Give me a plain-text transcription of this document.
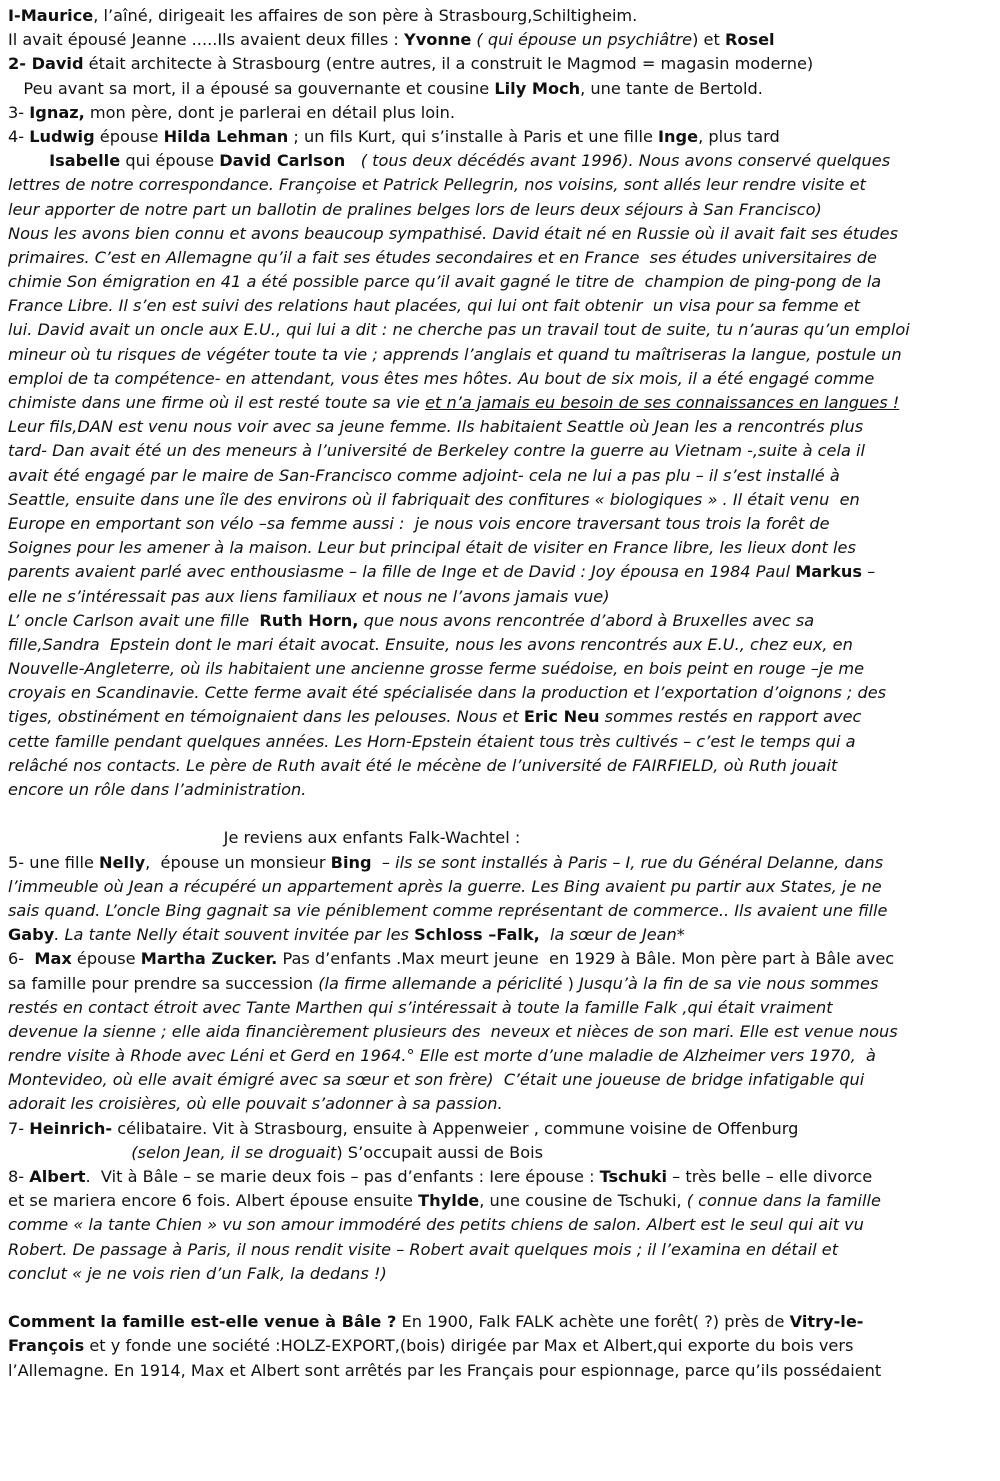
I-Maurice, l’aîné, dirigeait les affaires de son père à Strasbourg,Schiltigheim.
Il avait épousé Jeanne .....Ils avaient deux filles : Yvonne ( qui épouse un psychiâtre) et Rosel
2- David était architecte à Strasbourg (entre autres, il a construit le Magmod = magasin moderne)
Peu avant sa mort, il a épousé sa gouvernante et cousine Lily Moch, une tante de Bertold.
3- Ignaz, mon père, dont je parlerai en détail plus loin.
4- Ludwig épouse Hilda Lehman ; un fils Kurt, qui s’installe à Paris et une fille Inge, plus tard
Isabelle qui épouse David Carlson ( tous deux décédés avant 1996). Nous avons conservé quelques
lettres de notre correspondance. Françoise et Patrick Pellegrin, nos voisins, sont allés leur rendre visite et
leur apporter de notre part un ballotin de pralines belges lors de leurs deux séjours à San Francisco)
Nous les avons bien connu et avons beaucoup sympathisé. David était né en Russie où il avait fait ses études
primaires. C’est en Allemagne qu’il a fait ses études secondaires et en France  ses études universitaires de
chimie Son émigration en 41 a été possible parce qu’il avait gagné le titre de  champion de ping-pong de la
France Libre. Il s’en est suivi des relations haut placées, qui lui ont fait obtenir  un visa pour sa femme et
lui. David avait un oncle aux E.U., qui lui a dit : ne cherche pas un travail tout de suite, tu n’auras qu’un emploi
mineur où tu risques de végéter toute ta vie ; apprends l’anglais et quand tu maîtriseras la langue, postule un
emploi de ta compétence- en attendant, vous êtes mes hôtes. Au bout de six mois, il a été engagé comme
chimiste dans une firme où il est resté toute sa vie et n’a jamais eu besoin de ses connaissances en langues !
Leur fils,DAN est venu nous voir avec sa jeune femme. Ils habitaient Seattle où Jean les a rencontrés plus
tard- Dan avait été un des meneurs à l’université de Berkeley contre la guerre au Vietnam -,suite à cela il
avait été engagé par le maire de San-Francisco comme adjoint- cela ne lui a pas plu – il s’est installé à
Seattle, ensuite dans une île des environs où il fabriquait des confitures « biologiques » . Il était venu  en
Europe en emportant son vélo –sa femme aussi :  je nous vois encore traversant tous trois la forêt de
Soignes pour les amener à la maison. Leur but principal était de visiter en France libre, les lieux dont les
parents avaient parlé avec enthousiasme – la fille de Inge et de David : Joy épousa en 1984 Paul Markus –
elle ne s’intéressait pas aux liens familiaux et nous ne l’avons jamais vue)
L’ oncle Carlson avait une fille  Ruth Horn, que nous avons rencontrée d’abord à Bruxelles avec sa
fille,Sandra  Epstein dont le mari était avocat. Ensuite, nous les avons rencontrés aux E.U., chez eux, en
Nouvelle-Angleterre, où ils habitaient une ancienne grosse ferme suédoise, en bois peint en rouge –je me
croyais en Scandinavie. Cette ferme avait été spécialisée dans la production et l’exportation d’oignons ; des
tiges, obstinément en témoignaient dans les pelouses. Nous et Eric Neu sommes restés en rapport avec
cette famille pendant quelques années. Les Horn-Epstein étaient tous très cultivés – c’est le temps qui a
relâché nos contacts. Le père de Ruth avait été le mécène de l’université de FAIRFIELD, où Ruth jouait
encore un rôle dans l’administration.
Je reviens aux enfants Falk-Wachtel :
5- une fille Nelly,  épouse un monsieur Bing  – ils se sont installés à Paris – I, rue du Général Delanne, dans
l’immeuble où Jean a récupéré un appartement après la guerre. Les Bing avaient pu partir aux States, je ne
sais quand. L’oncle Bing gagnait sa vie péniblement comme représentant de commerce.. Ils avaient une fille
Gaby. La tante Nelly était souvent invitée par les Schloss –Falk,  la sœur de Jean*
6-  Max épouse Martha Zucker. Pas d’enfants .Max meurt jeune  en 1929 à Bâle. Mon père part à Bâle avec
sa famille pour prendre sa succession (la firme allemande a périclité ) Jusqu’à la fin de sa vie nous sommes
restés en contact étroit avec Tante Marthen qui s’intéressait à toute la famille Falk ,qui était vraiment
devenue la sienne ; elle aida financièrement plusieurs des  neveux et nièces de son mari. Elle est venue nous
rendre visite à Rhode avec Léni et Gerd en 1964.° Elle est morte d’une maladie de Alzheimer vers 1970,  à
Montevideo, où elle avait émigré avec sa sœur et son frère)  C’était une joueuse de bridge infatigable qui
adorait les croisières, où elle pouvait s’adonner à sa passion.
7- Heinrich- célibataire. Vit à Strasbourg, ensuite à Appenweier , commune voisine de Offenburg
(selon Jean, il se droguait) S’occupait aussi de Bois
8- Albert.  Vit à Bâle – se marie deux fois – pas d’enfants : Iere épouse : Tschuki – très belle – elle divorce
et se mariera encore 6 fois. Albert épouse ensuite Thylde, une cousine de Tschuki, ( connue dans la famille
comme « la tante Chien » vu son amour immodéré des petits chiens de salon. Albert est le seul qui ait vu
Robert. De passage à Paris, il nous rendit visite – Robert avait quelques mois ; il l’examina en détail et
conclut « je ne vois rien d’un Falk, la dedans !)
Comment la famille est-elle venue à Bâle ? En 1900, Falk FALK achète une forêt( ?) près de Vitry-le-
François et y fonde une société :HOLZ-EXPORT,(bois) dirigée par Max et Albert,qui exporte du bois vers
l’Allemagne. En 1914, Max et Albert sont arrêtés par les Français pour espionnage, parce qu’ils possédaient
